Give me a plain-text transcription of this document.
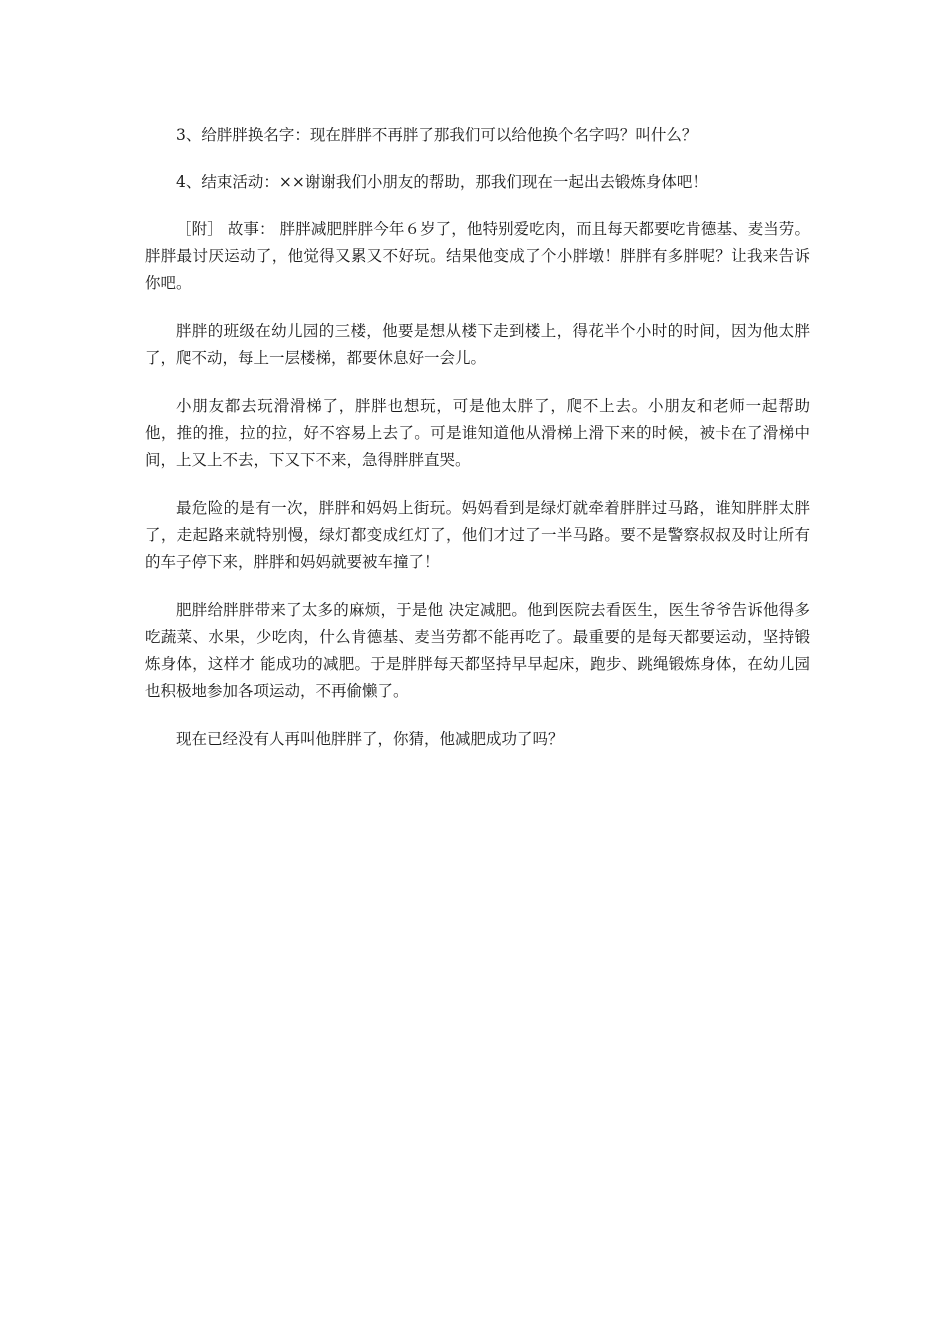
3、给胖胖换名字：现在胖胖不再胖了那我们可以给他换个名字吗？叫什么？

4、结束活动：××谢谢我们小朋友的帮助，那我们现在一起出去锻炼身体吧！

［附］ 故事： 胖胖减肥胖胖今年６岁了，他特别爱吃肉，而且每天都要吃肯德基、麦当劳。胖胖最讨厌运动了，他觉得又累又不好玩。结果他变成了个小胖墩！胖胖有多胖呢？让我来告诉你吧。

胖胖的班级在幼儿园的三楼，他要是想从楼下走到楼上，得花半个小时的时间，因为他太胖了，爬不动，每上一层楼梯，都要休息好一会儿。

小朋友都去玩滑滑梯了，胖胖也想玩，可是他太胖了，爬不上去。小朋友和老师一起帮助他，推的推，拉的拉，好不容易上去了。可是谁知道他从滑梯上滑下来的时候，被卡在了滑梯中间，上又上不去，下又下不来，急得胖胖直哭。

最危险的是有一次，胖胖和妈妈上街玩。妈妈看到是绿灯就牵着胖胖过马路，谁知胖胖太胖了，走起路来就特别慢，绿灯都变成红灯了，他们才过了一半马路。要不是警察叔叔及时让所有的车子停下来，胖胖和妈妈就要被车撞了！

肥胖给胖胖带来了太多的麻烦，于是他 决定减肥。他到医院去看医生，医生爷爷告诉他得多吃蔬菜、水果，少吃肉，什么肯德基、麦当劳都不能再吃了。最重要的是每天都要运动，坚持锻炼身体，这样才 能成功的减肥。于是胖胖每天都坚持早早起床，跑步、跳绳锻炼身体，在幼儿园也积极地参加各项运动，不再偷懒了。

现在已经没有人再叫他胖胖了，你猜，他减肥成功了吗？
